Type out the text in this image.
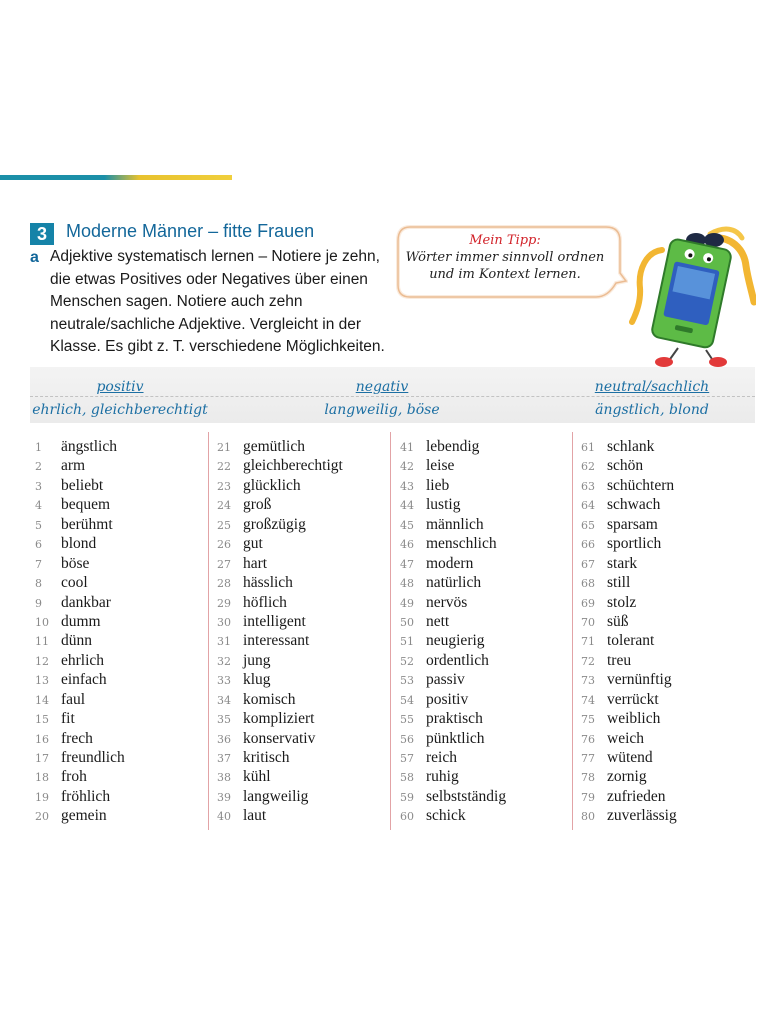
3	Moderne Männer – fitte Frauen
a Adjektive systematisch lernen – Notiere je zehn, die etwas Positives oder Negatives über einen Menschen sagen. Notiere auch zehn neutrale/sachliche Adjektive. Vergleicht in der Klasse. Es gibt z. T. verschiedene Möglichkeiten.
Mein Tipp:
Wörter immer sinnvoll ordnen
und im Kontext lernen.
positiv
ehrlich, gleichberechtigt
negativ
langweilig, böse
neutral/sachlich
ängstlich, blond
1 ängstlich
2 arm
3 beliebt
4 bequem
5 berühmt
6 blond
7 böse
8 cool
9 dankbar
10 dumm
11 dünn
12 ehrlich
13 einfach
14 faul
15 fit
16 frech
17 freundlich
18 froh
19 fröhlich
20 gemein
21 gemütlich
22 gleichberechtigt
23 glücklich
24 groß
25 großzügig
26 gut
27 hart
28 hässlich
29 höflich
30 intelligent
31 interessant
32 jung
33 klug
34 komisch
35 kompliziert
36 konservativ
37 kritisch
38 kühl
39 langweilig
40 laut
41 lebendig
42 leise
43 lieb
44 lustig
45 männlich
46 menschlich
47 modern
48 natürlich
49 nervös
50 nett
51 neugierig
52 ordentlich
53 passiv
54 positiv
55 praktisch
56 pünktlich
57 reich
58 ruhig
59 selbstständig
60 schick
61 schlank
62 schön
63 schüchtern
64 schwach
65 sparsam
66 sportlich
67 stark
68 still
69 stolz
70 süß
71 tolerant
72 treu
73 vernünftig
74 verrückt
75 weiblich
76 weich
77 wütend
78 zornig
79 zufrieden
80 zuverlässig
